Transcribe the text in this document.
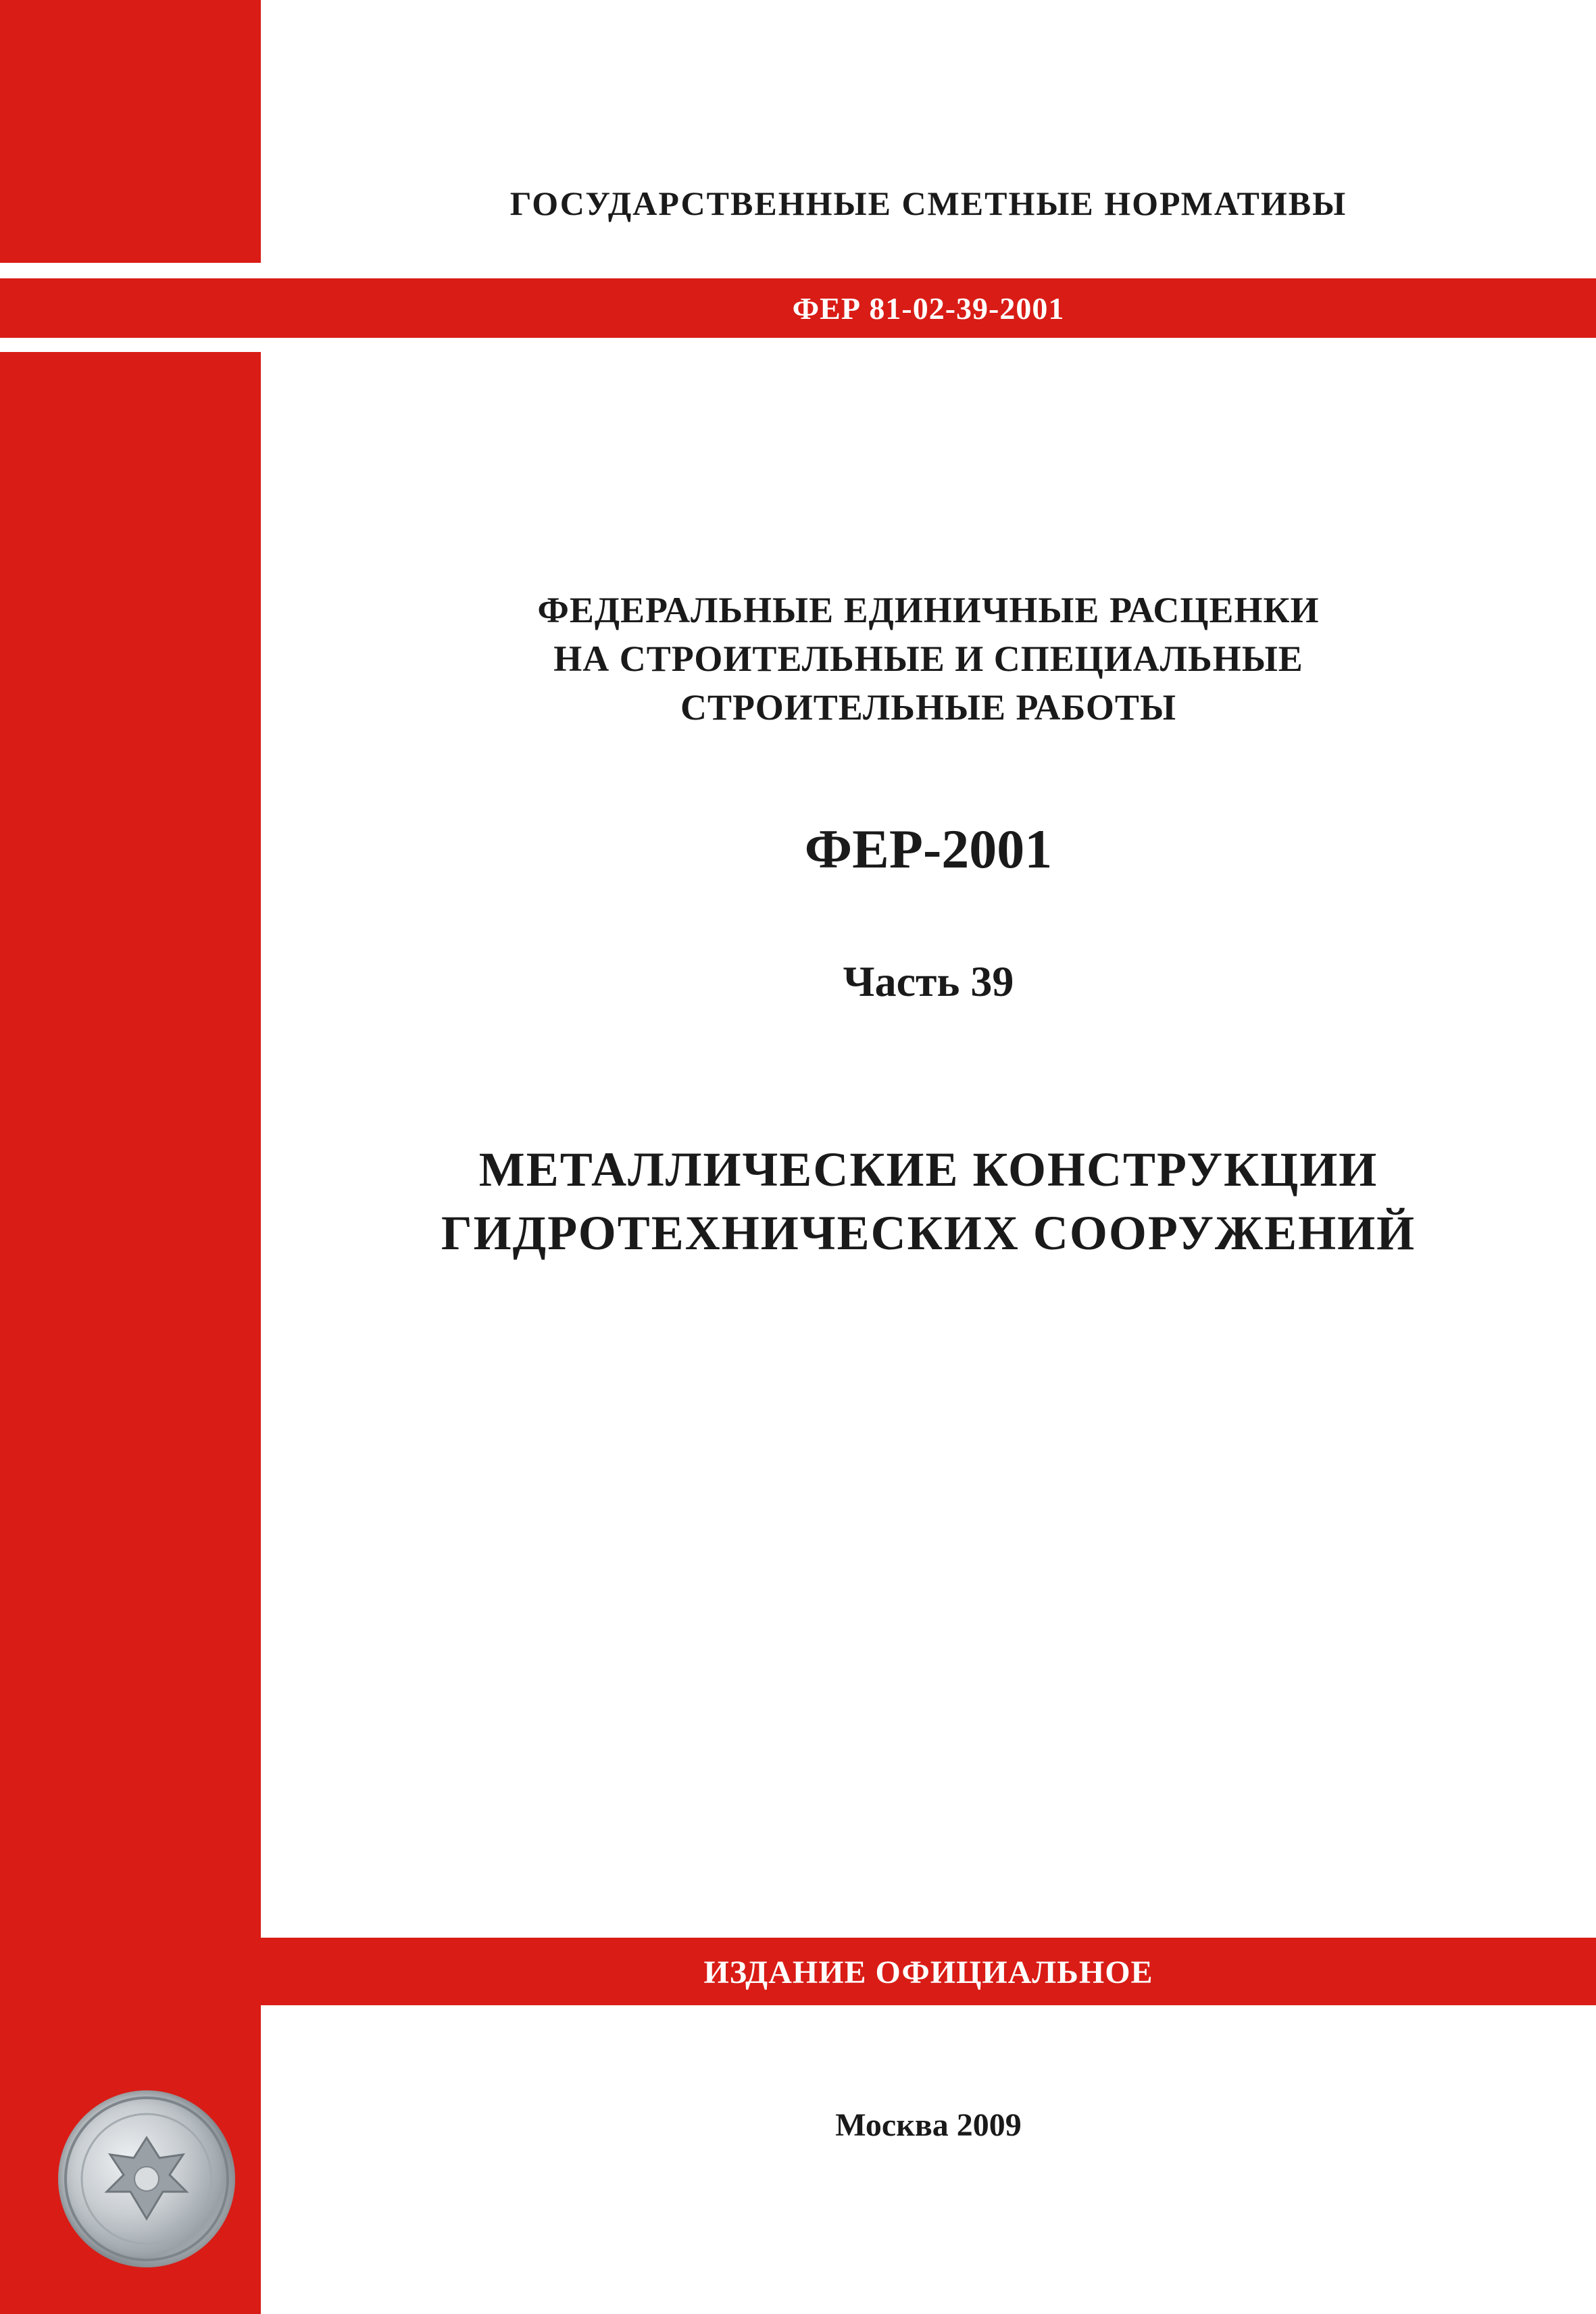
ГОСУДАРСТВЕННЫЕ СМЕТНЫЕ НОРМАТИВЫ
ФЕР 81-02-39-2001
ФЕДЕРАЛЬНЫЕ ЕДИНИЧНЫЕ РАСЦЕНКИ
НА СТРОИТЕЛЬНЫЕ И СПЕЦИАЛЬНЫЕ
СТРОИТЕЛЬНЫЕ РАБОТЫ
ФЕР-2001
Часть 39
МЕТАЛЛИЧЕСКИЕ КОНСТРУКЦИИ
ГИДРОТЕХНИЧЕСКИХ СООРУЖЕНИЙ
ИЗДАНИЕ ОФИЦИАЛЬНОЕ
Москва 2009
